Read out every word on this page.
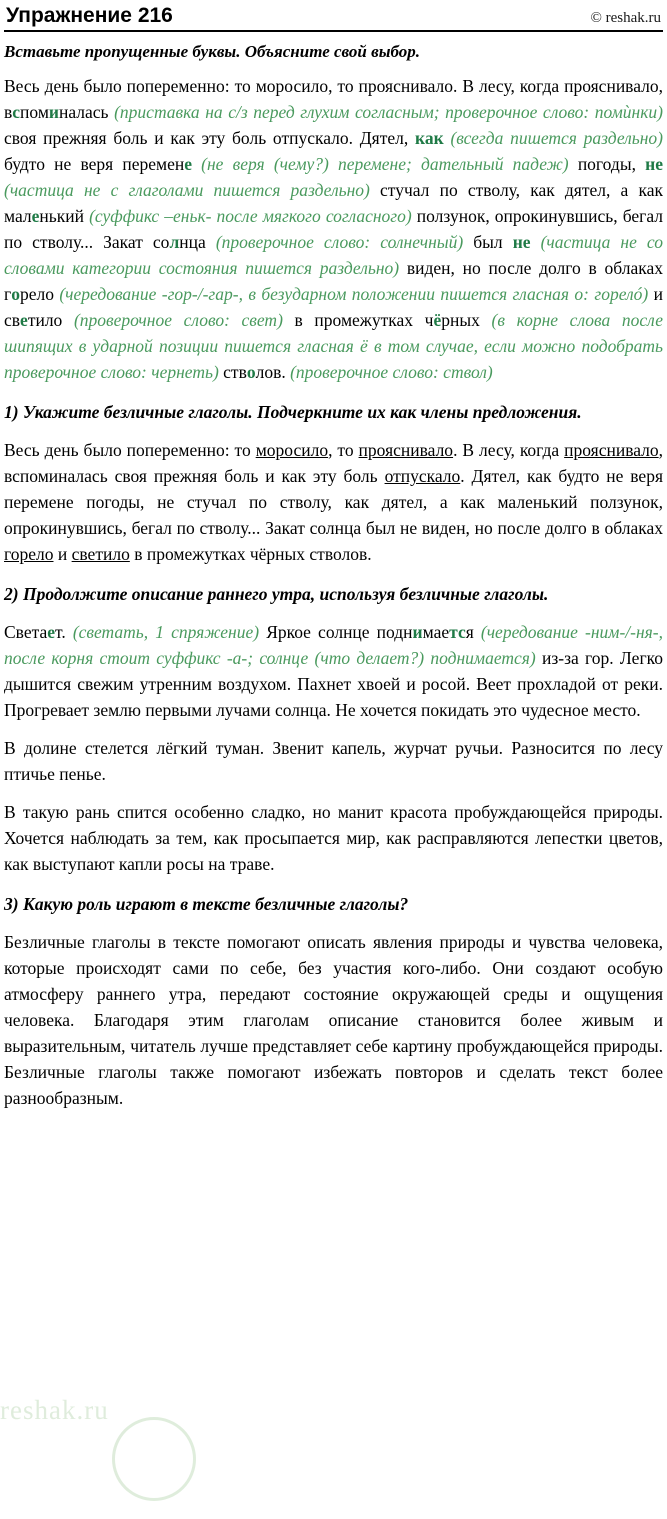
reshak.ru
Упражнение 216	© reshak.ru
Вставьте пропущенные буквы. Объясните свой выбор.

Весь день было попеременно: то моросило, то прояснивало. В лесу, когда прояснивало, вспоминалась (приставка на с/з перед глухим согласным; проверочное слово: помѝнки) своя прежняя боль и как эту боль отпускало. Дятел, как (всегда пишется раздельно) будто не веря перемене (не веря (чему?) перемене; дательный падеж) погоды, не (частица не с глаголами пишется раздельно) стучал по стволу, как дятел, а как маленький (суффикс –еньк- после мягкого согласного) ползунок, опрокинувшись, бегал по стволу... Закат солнца (проверочное слово: солнечный) был не (частица не со словами категории состояния пишется раздельно) виден, но после долго в облаках горело (чередование -гор-/-гар-, в безударном положении пишется гласная о: горелó) и светило (проверочное слово: свет) в промежутках чёрных (в корне слова после шипящих в ударной позиции пишется гласная ё в том случае, если можно подобрать проверочное слово: чернеть) стволов. (проверочное слово: ствол)

1) Укажите безличные глаголы. Подчеркните их как члены предложения.

Весь день было попеременно: то моросило, то прояснивало. В лесу, когда прояснивало, вспоминалась своя прежняя боль и как эту боль отпускало. Дятел, как будто не веря перемене погоды, не стучал по стволу, как дятел, а как маленький ползунок, опрокинувшись, бегал по стволу... Закат солнца был не виден, но после долго в облаках горело и светило в промежутках чёрных стволов.

2) Продолжите описание раннего утра, используя безличные глаголы.

Светает. (светать, 1 спряжение) Яркое солнце поднимается (чередование -ним-/-ня-, после корня стоит суффикс -а-; солнце (что делает?) поднимается) из-за гор. Легко дышится свежим утренним воздухом. Пахнет хвоей и росой. Веет прохладой от реки. Прогревает землю первыми лучами солнца. Не хочется покидать это чудесное место.

В долине стелется лёгкий туман. Звенит капель, журчат ручьи. Разносится по лесу птичье пенье.

В такую рань спится особенно сладко, но манит красота пробуждающейся природы. Хочется наблюдать за тем, как просыпается мир, как расправляются лепестки цветов, как выступают капли росы на траве.

3) Какую роль играют в тексте безличные глаголы?

Безличные глаголы в тексте помогают описать явления природы и чувства человека, которые происходят сами по себе, без участия кого-либо. Они создают особую атмосферу раннего утра, передают состояние окружающей среды и ощущения человека. Благодаря этим глаголам описание становится более живым и выразительным, читатель лучше представляет себе картину пробуждающейся природы. Безличные глаголы также помогают избежать повторов и сделать текст более разнообразным.
